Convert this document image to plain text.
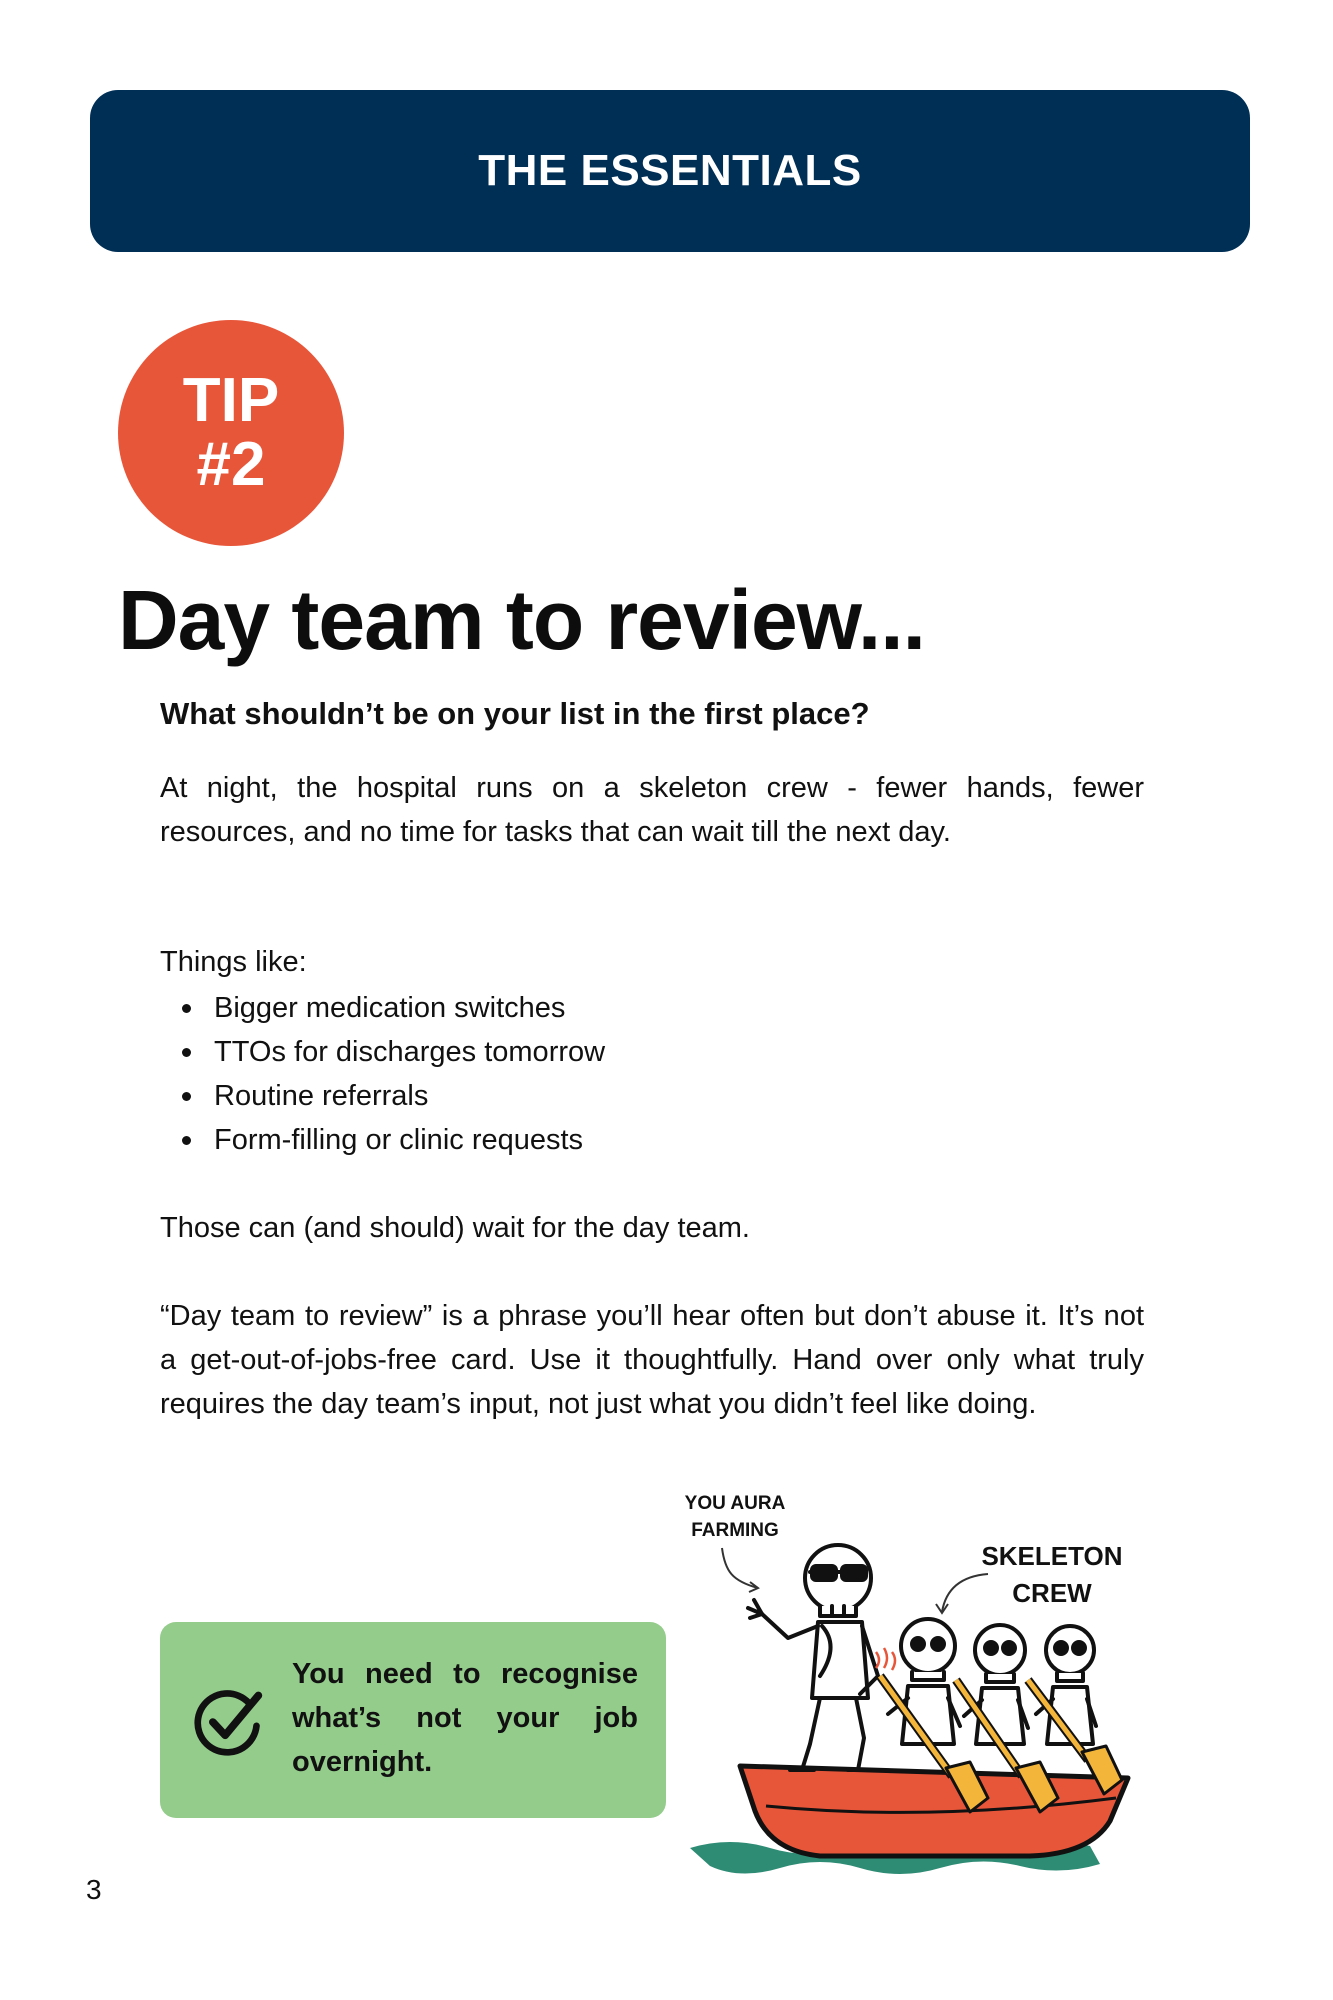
THE ESSENTIALS
TIP
#2
Day team to review...
What shouldn’t be on your list in the first place?
At night, the hospital runs on a skeleton crew - fewer hands, fewer resources, and no time for tasks that can wait till the next day.
Things like:
Bigger medication switches
TTOs for discharges tomorrow
Routine referrals
Form-filling or clinic requests
Those can (and should) wait for the day team.
“Day team to review” is a phrase you’ll hear often but don’t abuse it. It’s not a get-out-of-jobs-free card. Use it thoughtfully. Hand over only what truly requires the day team’s input, not just what you didn’t feel like doing.
You need to recognise what’s not your job overnight.
YOU AURA FARMING
SKELETON CREW
3
